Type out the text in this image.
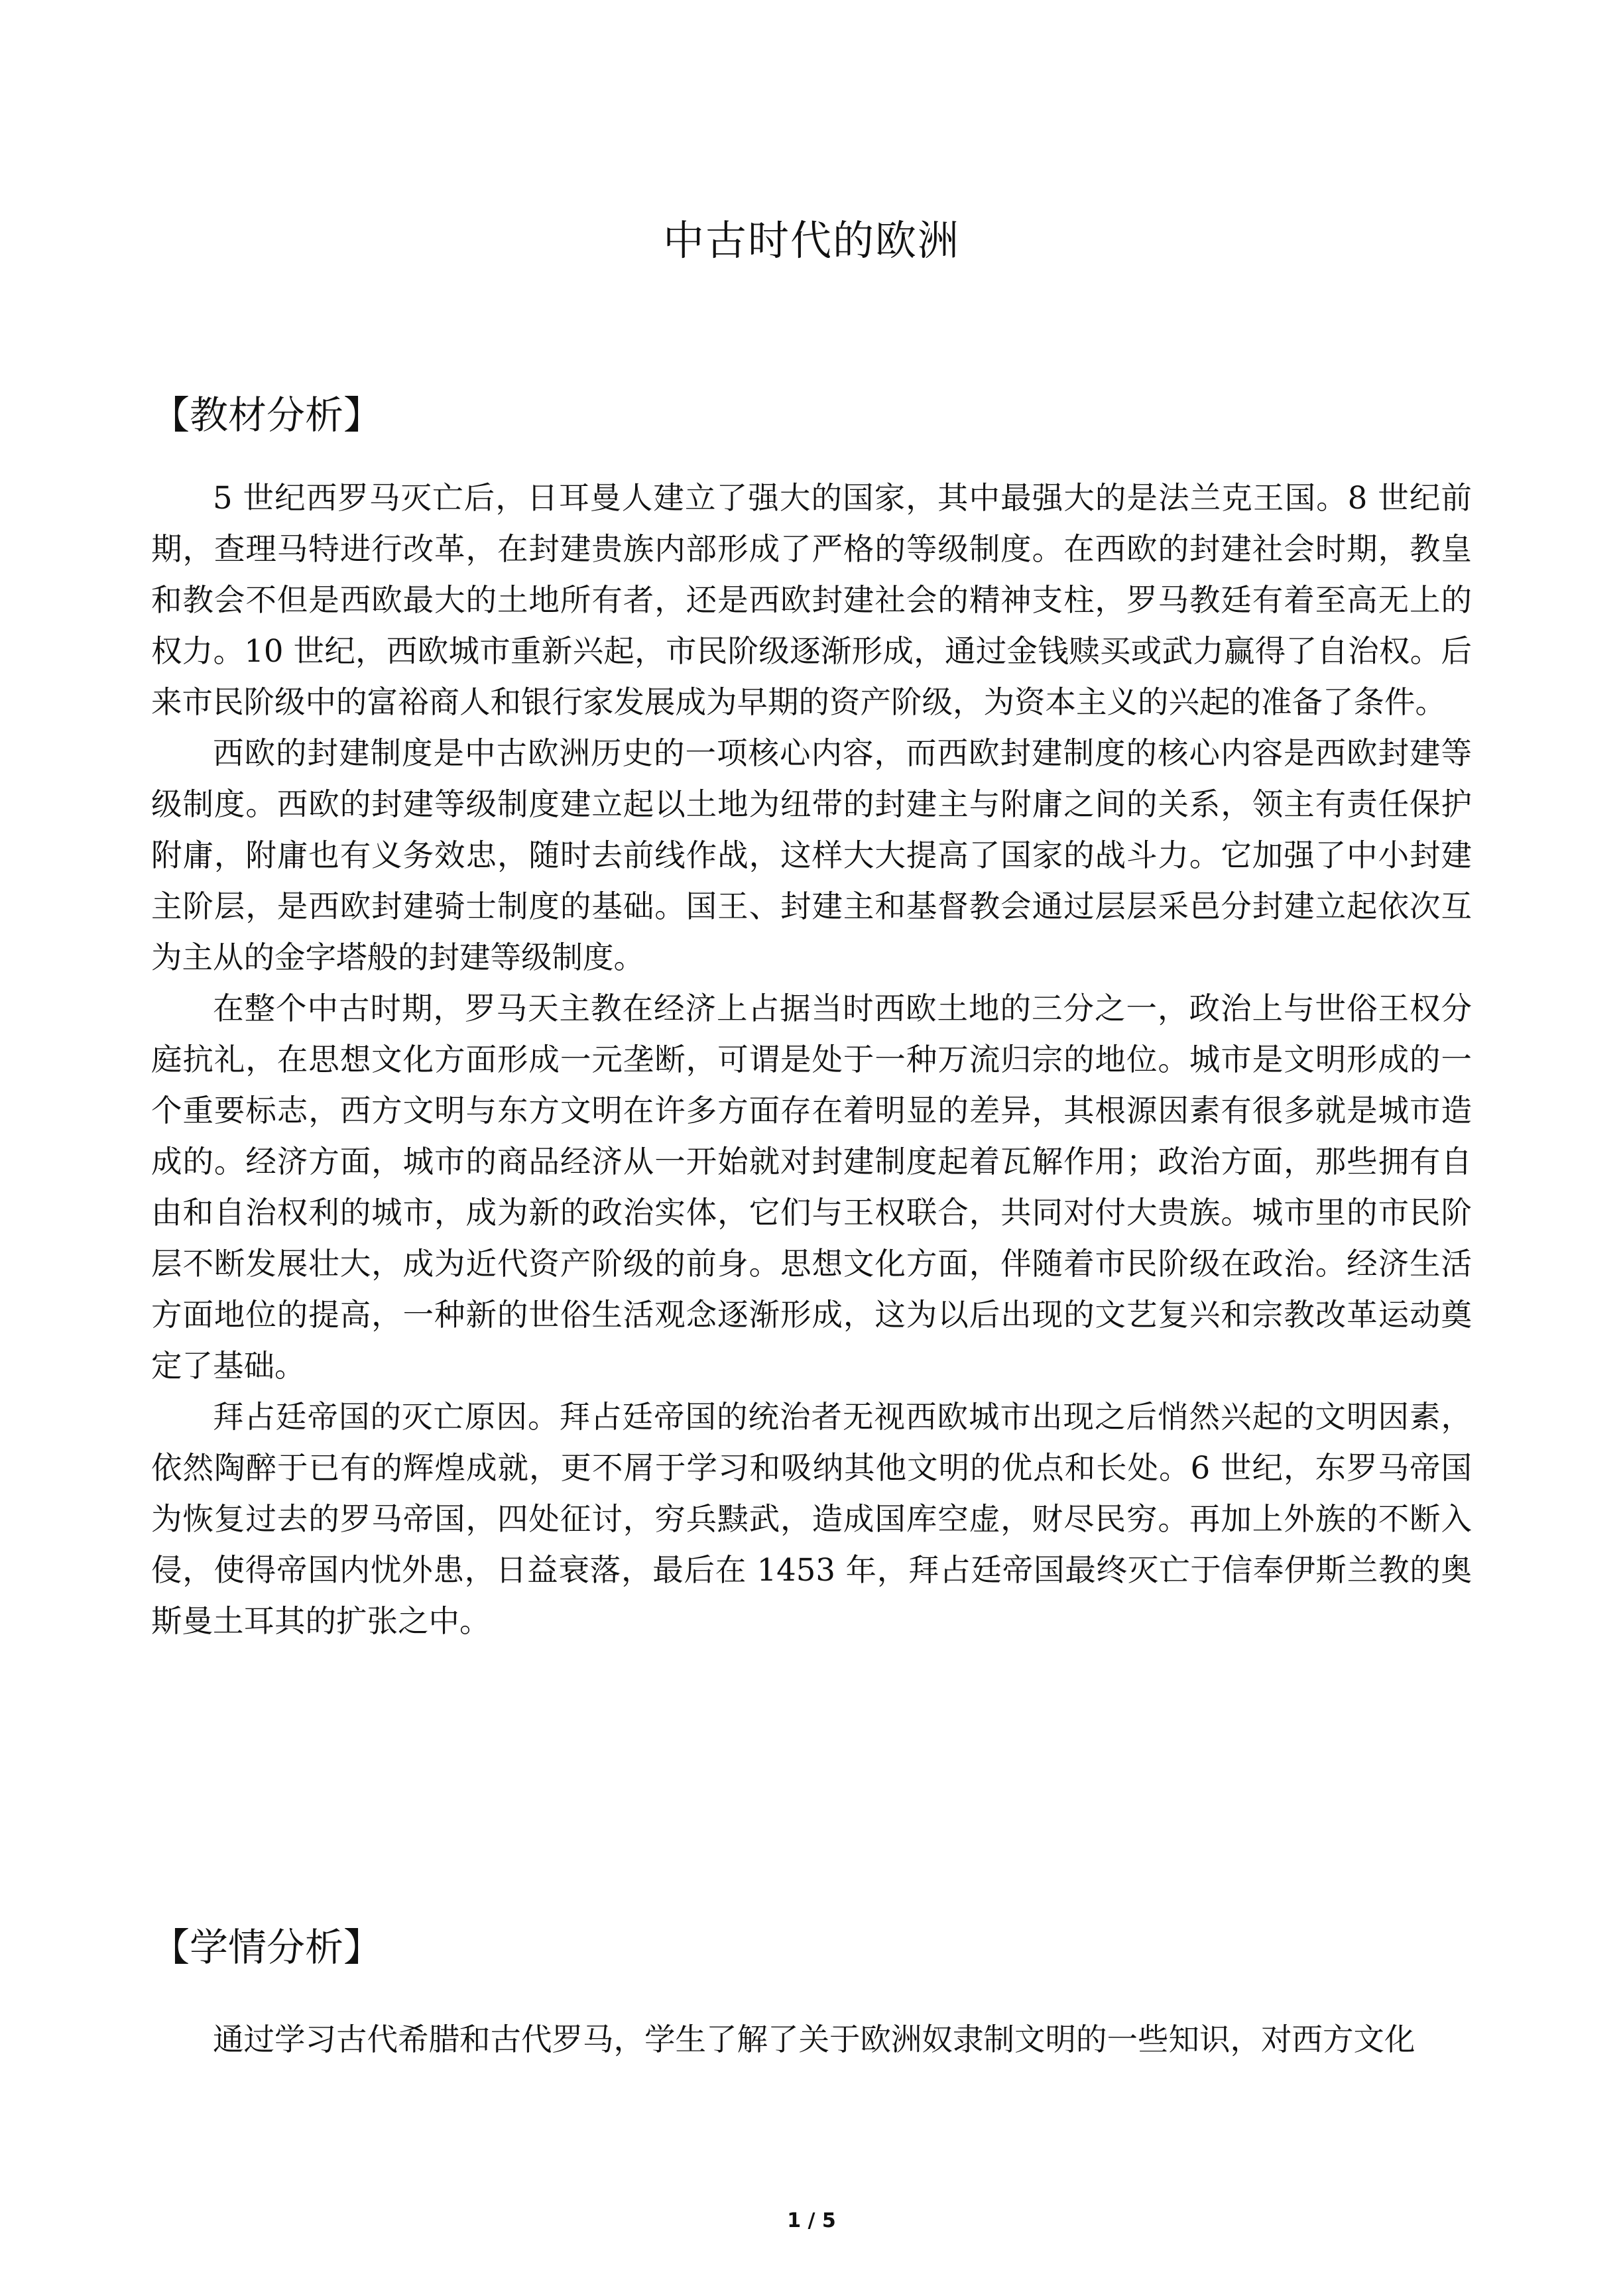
中古时代的欧洲
【教材分析】

5 世纪西罗马灭亡后，日耳曼人建立了强大的国家，其中最强大的是法兰克王国。8 世纪前期，查理马特进行改革，在封建贵族内部形成了严格的等级制度。在西欧的封建社会时期，教皇和教会不但是西欧最大的土地所有者，还是西欧封建社会的精神支柱，罗马教廷有着至高无上的权力。10 世纪，西欧城市重新兴起，市民阶级逐渐形成，通过金钱赎买或武力赢得了自治权。后来市民阶级中的富裕商人和银行家发展成为早期的资产阶级，为资本主义的兴起的准备了条件。

西欧的封建制度是中古欧洲历史的一项核心内容，而西欧封建制度的核心内容是西欧封建等级制度。西欧的封建等级制度建立起以土地为纽带的封建主与附庸之间的关系，领主有责任保护附庸，附庸也有义务效忠，随时去前线作战，这样大大提高了国家的战斗力。它加强了中小封建主阶层，是西欧封建骑士制度的基础。国王、封建主和基督教会通过层层采邑分封建立起依次互为主从的金字塔般的封建等级制度。

在整个中古时期，罗马天主教在经济上占据当时西欧土地的三分之一，政治上与世俗王权分庭抗礼，在思想文化方面形成一元垄断，可谓是处于一种万流归宗的地位。城市是文明形成的一个重要标志，西方文明与东方文明在许多方面存在着明显的差异，其根源因素有很多就是城市造成的。经济方面，城市的商品经济从一开始就对封建制度起着瓦解作用；政治方面，那些拥有自由和自治权利的城市，成为新的政治实体，它们与王权联合，共同对付大贵族。城市里的市民阶层不断发展壮大，成为近代资产阶级的前身。思想文化方面，伴随着市民阶级在政治。经济生活方面地位的提高，一种新的世俗生活观念逐渐形成，这为以后出现的文艺复兴和宗教改革运动奠定了基础。

拜占廷帝国的灭亡原因。拜占廷帝国的统治者无视西欧城市出现之后悄然兴起的文明因素，依然陶醉于已有的辉煌成就，更不屑于学习和吸纳其他文明的优点和长处。6 世纪，东罗马帝国为恢复过去的罗马帝国，四处征讨，穷兵黩武，造成国库空虚，财尽民穷。再加上外族的不断入侵，使得帝国内忧外患，日益衰落，最后在 1453 年，拜占廷帝国最终灭亡于信奉伊斯兰教的奥斯曼土耳其的扩张之中。

【学情分析】

通过学习古代希腊和古代罗马，学生了解了关于欧洲奴隶制文明的一些知识，对西方文化

1 / 5
